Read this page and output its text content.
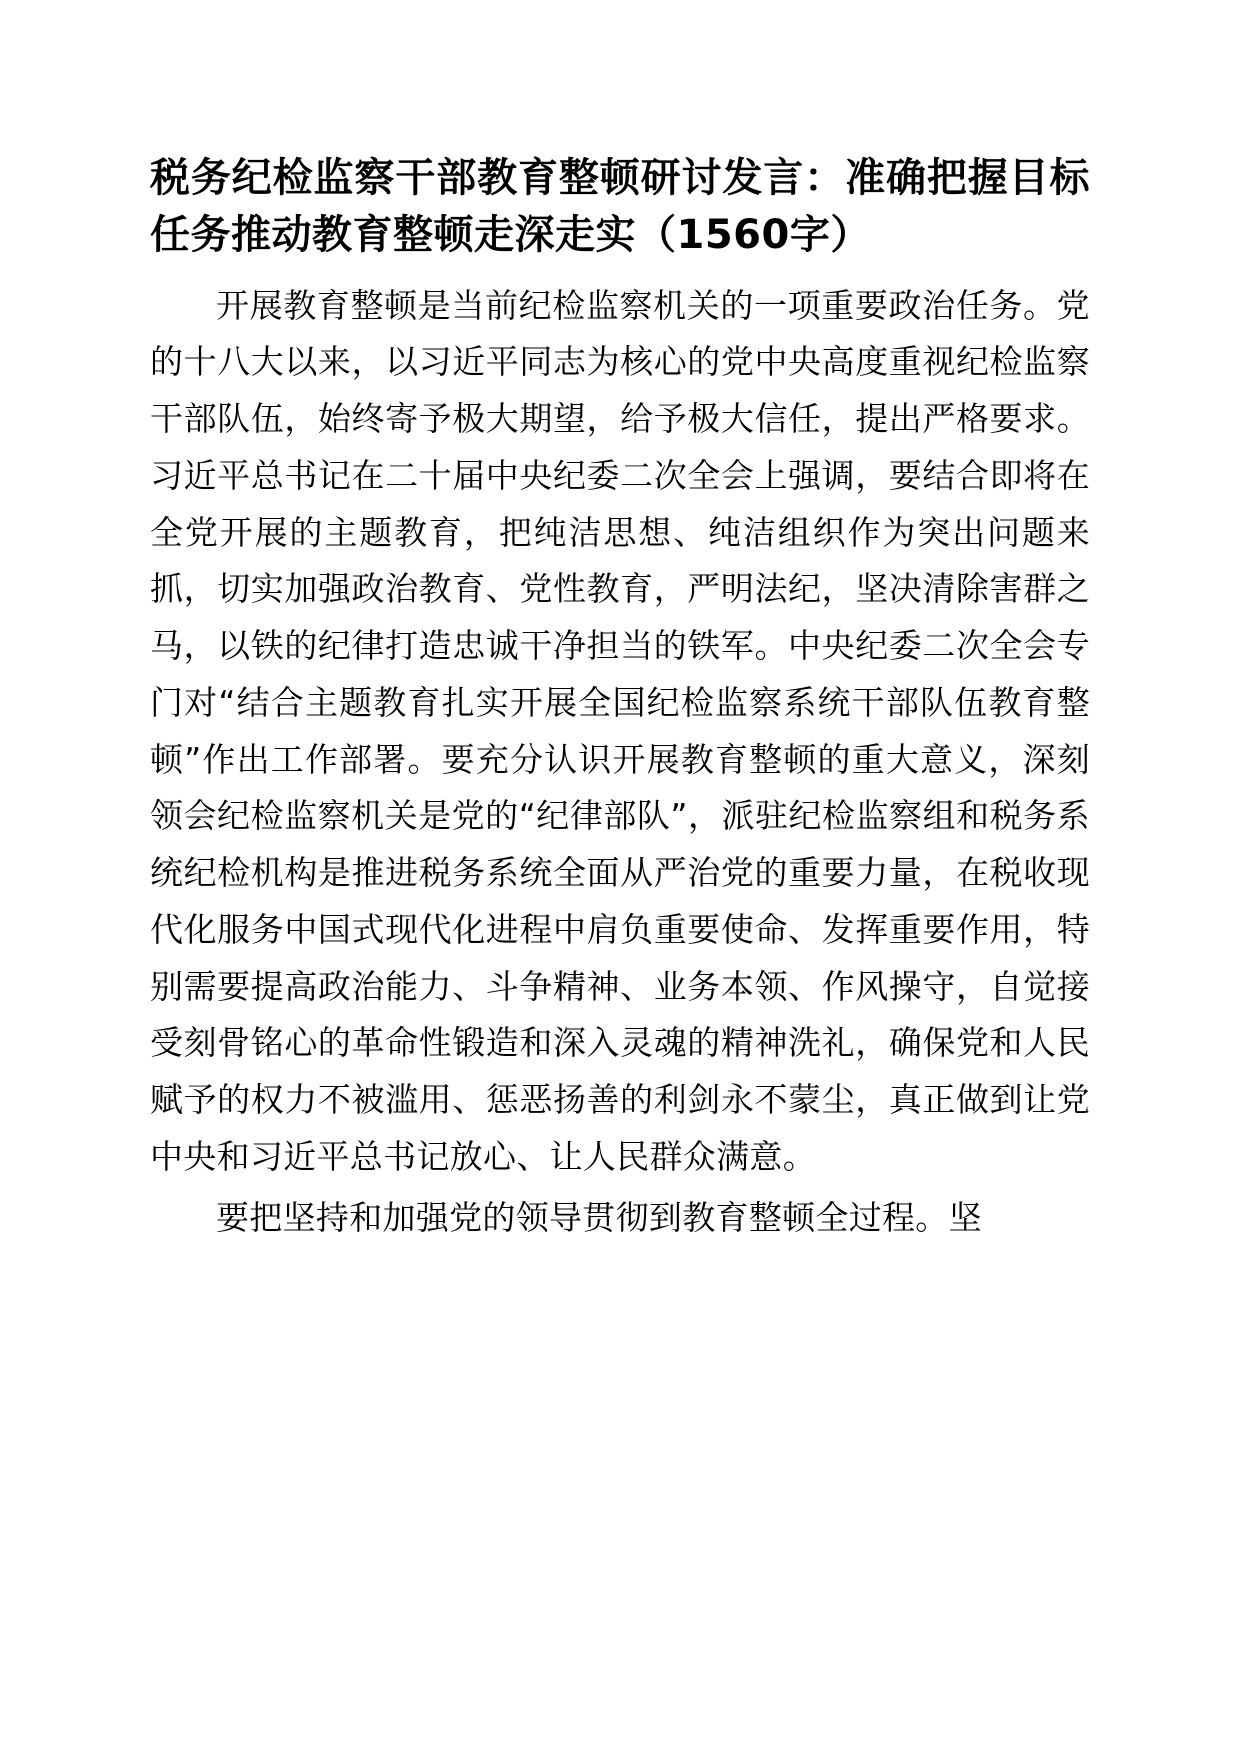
税务纪检监察干部教育整顿研讨发言：准确把握目标任务推动教育整顿走深走实（1560字）

开展教育整顿是当前纪检监察机关的一项重要政治任务。党的十八大以来，以习近平同志为核心的党中央高度重视纪检监察干部队伍，始终寄予极大期望，给予极大信任，提出严格要求。习近平总书记在二十届中央纪委二次全会上强调，要结合即将在全党开展的主题教育，把纯洁思想、纯洁组织作为突出问题来抓，切实加强政治教育、党性教育，严明法纪，坚决清除害群之马，以铁的纪律打造忠诚干净担当的铁军。中央纪委二次全会专门对“结合主题教育扎实开展全国纪检监察系统干部队伍教育整顿”作出工作部署。要充分认识开展教育整顿的重大意义，深刻领会纪检监察机关是党的“纪律部队”，派驻纪检监察组和税务系统纪检机构是推进税务系统全面从严治党的重要力量，在税收现代化服务中国式现代化进程中肩负重要使命、发挥重要作用，特别需要提高政治能力、斗争精神、业务本领、作风操守，自觉接受刻骨铭心的革命性锻造和深入灵魂的精神洗礼，确保党和人民赋予的权力不被滥用、惩恶扬善的利剑永不蒙尘，真正做到让党中央和习近平总书记放心、让人民群众满意。

要把坚持和加强党的领导贯彻到教育整顿全过程。坚
